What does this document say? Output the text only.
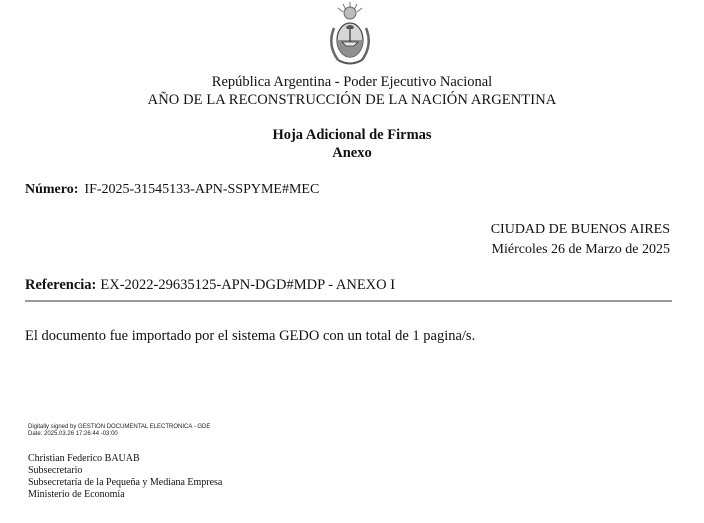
República Argentina - Poder Ejecutivo Nacional
AÑO DE LA RECONSTRUCCIÓN DE LA NACIÓN ARGENTINA
Hoja Adicional de Firmas
Anexo
Número: IF-2025-31545133-APN-SSPYME#MEC
CIUDAD DE BUENOS AIRES
Miércoles 26 de Marzo de 2025
Referencia: EX-2022-29635125-APN-DGD#MDP - ANEXO I
El documento fue importado por el sistema GEDO con un total de 1 pagina/s.
Digitally signed by GESTION DOCUMENTAL ELECTRONICA - GDE
Date: 2025.03.26 17:26:44 -03:00
Christian Federico BAUAB
Subsecretario
Subsecretaría de la Pequeña y Mediana Empresa
Ministerio de Economía
